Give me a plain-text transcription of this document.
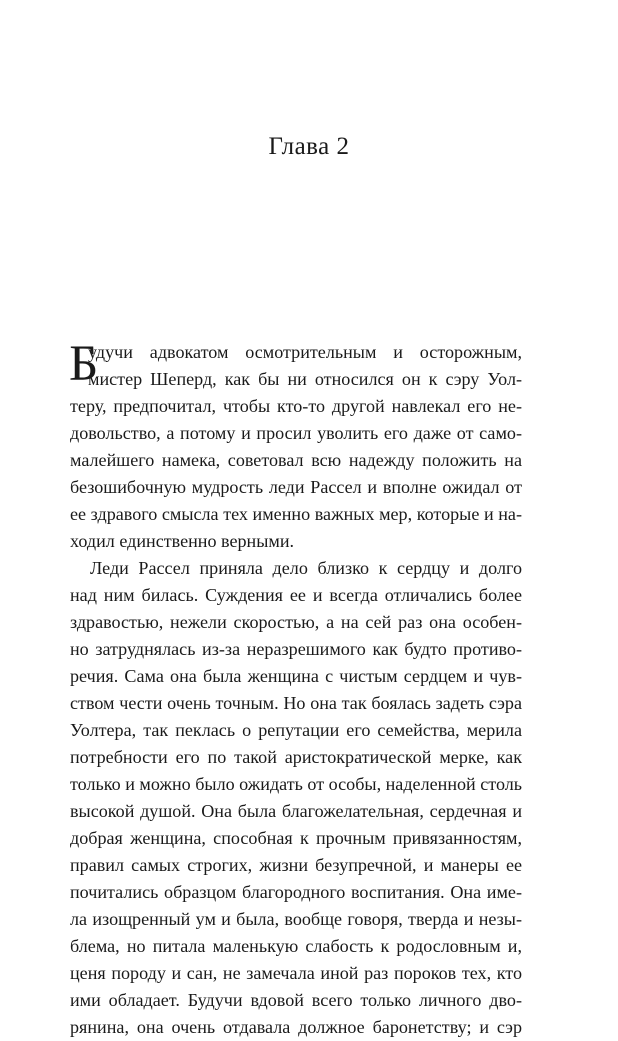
Глава 2
Б
удучи адвокатом осмотрительным и осторожным,
мистер Шеперд, как бы ни относился он к сэру Уол-
теру, предпочитал, чтобы кто-то другой навлекал его не-
довольство, а потому и просил уволить его даже от само-
малейшего намека, советовал всю надежду положить на
безошибочную мудрость леди Рассел и вполне ожидал от
ее здравого смысла тех именно важных мер, которые и на-
ходил единственно верными.
Леди Рассел приняла дело близко к сердцу и долго
над ним билась. Суждения ее и всегда отличались более
здравостью, нежели скоростью, а на сей раз она особен-
но затруднялась из-за неразрешимого как будто противо-
речия. Сама она была женщина с чистым сердцем и чув-
ством чести очень точным. Но она так боялась задеть сэра
Уолтера, так пеклась о репутации его семейства, мерила
потребности его по такой аристократической мерке, как
только и можно было ожидать от особы, наделенной столь
высокой душой. Она была благожелательная, сердечная и
добрая женщина, способная к прочным привязанностям,
правил самых строгих, жизни безупречной, и манеры ее
почитались образцом благородного воспитания. Она име-
ла изощренный ум и была, вообще говоря, тверда и незы-
блема, но питала маленькую слабость к родословным и,
ценя породу и сан, не замечала иной раз пороков тех, кто
ими обладает. Будучи вдовой всего только личного дво-
рянина, она очень отдавала должное баронетству; и сэр
